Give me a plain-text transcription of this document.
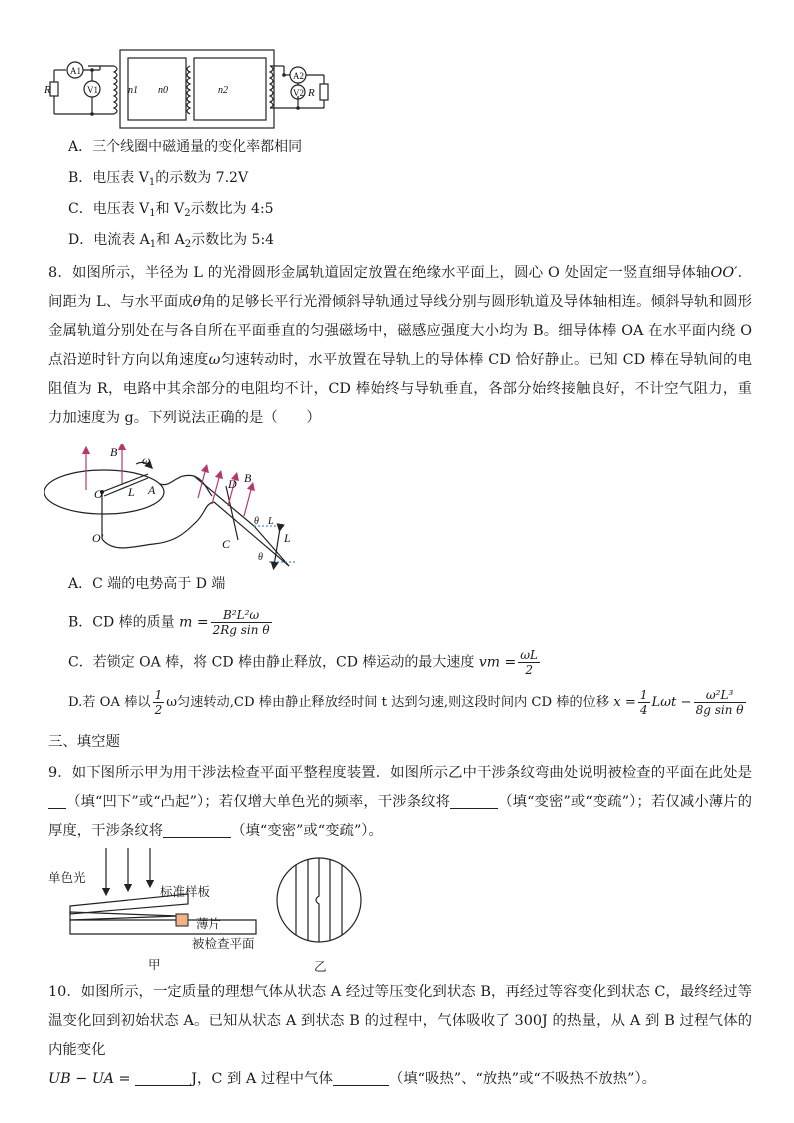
R	R
A1
V1
A2
V2
n1 n0	n2
A．三个线圈中磁通量的变化率都相同
B．电压表 $V_1$的示数为 7.2V
C．电压表 $V_1$和 $V_2$示数比为 4:5
D．电流表 $A_1$和 $A_2$示数比为 5:4
8．如图所示，半径为 L 的光滑圆形金属轨道固定放置在绝缘水平面上，圆心 O 处固定一竖直细导体轴OO′．间距为 L、与水平面成θ角的足够长平行光滑倾斜导轨通过导线分别与圆形轨道及导体轴相连。倾斜导轨和圆形金属轨道分别处在与各自所在平面垂直的匀强磁场中，磁感应强度大小均为 B。细导体棒 OA 在水平面内绕 O 点沿逆时针方向以角速度ω匀速转动时，水平放置在导轨上的导体棒 CD 恰好静止。已知 CD 棒在导轨间的电阻值为 R，电路中其余部分的电阻均不计，CD 棒始终与导轨垂直，各部分始终接触良好，不计空气阻力，重力加速度为 g。下列说法正确的是（　　）
B
ω
O L A
O′
D B
C
θ L
L
θ
A．C 端的电势高于 D 端
B．CD 棒的质量 $m = \frac{\text{B²L²ω}}{\text{2Rg sin θ}}$
C．若锁定 OA 棒，将 CD 棒由静止释放，CD 棒运动的最大速度 vm = $\frac{\omega L}{2}$
D.若 OA 棒以 $\frac{1}{2}$ ω匀速转动,CD 棒由静止释放经时间 t 达到匀速,则这段时间内 CD 棒的位移 $x = \frac{1}{4}$ $L\omega t - \frac{\text{ω²L³}}{\text{8g sin θ}}$
三、填空题
9．如下图所示甲为用干涉法检查平面平整程度装置．如图所示乙中干涉条纹弯曲处说明被检查的平面在此处是（填“凹下”或“凸起”）；若仅增大单色光的频率，干涉条纹将	（填“变密”或“变疏”）；若仅减小薄片的厚度，干涉条纹将	（填“变密”或“变疏”）。
单色光
标准样板
薄片
被检查平面
甲	乙
10．如图所示，一定质量的理想气体从状态 A 经过等压变化到状态 B，再经过等容变化到状态 C，最终经过等温变化回到初始状态 A。已知从状态 A 到状态 B 的过程中，气体吸收了 300J 的热量，从 A 到 B 过程气体的内能变化
UB − UA =	J，C 到 A 过程中气体	（填“吸热”、“放热”或“不吸热不放热”）。
